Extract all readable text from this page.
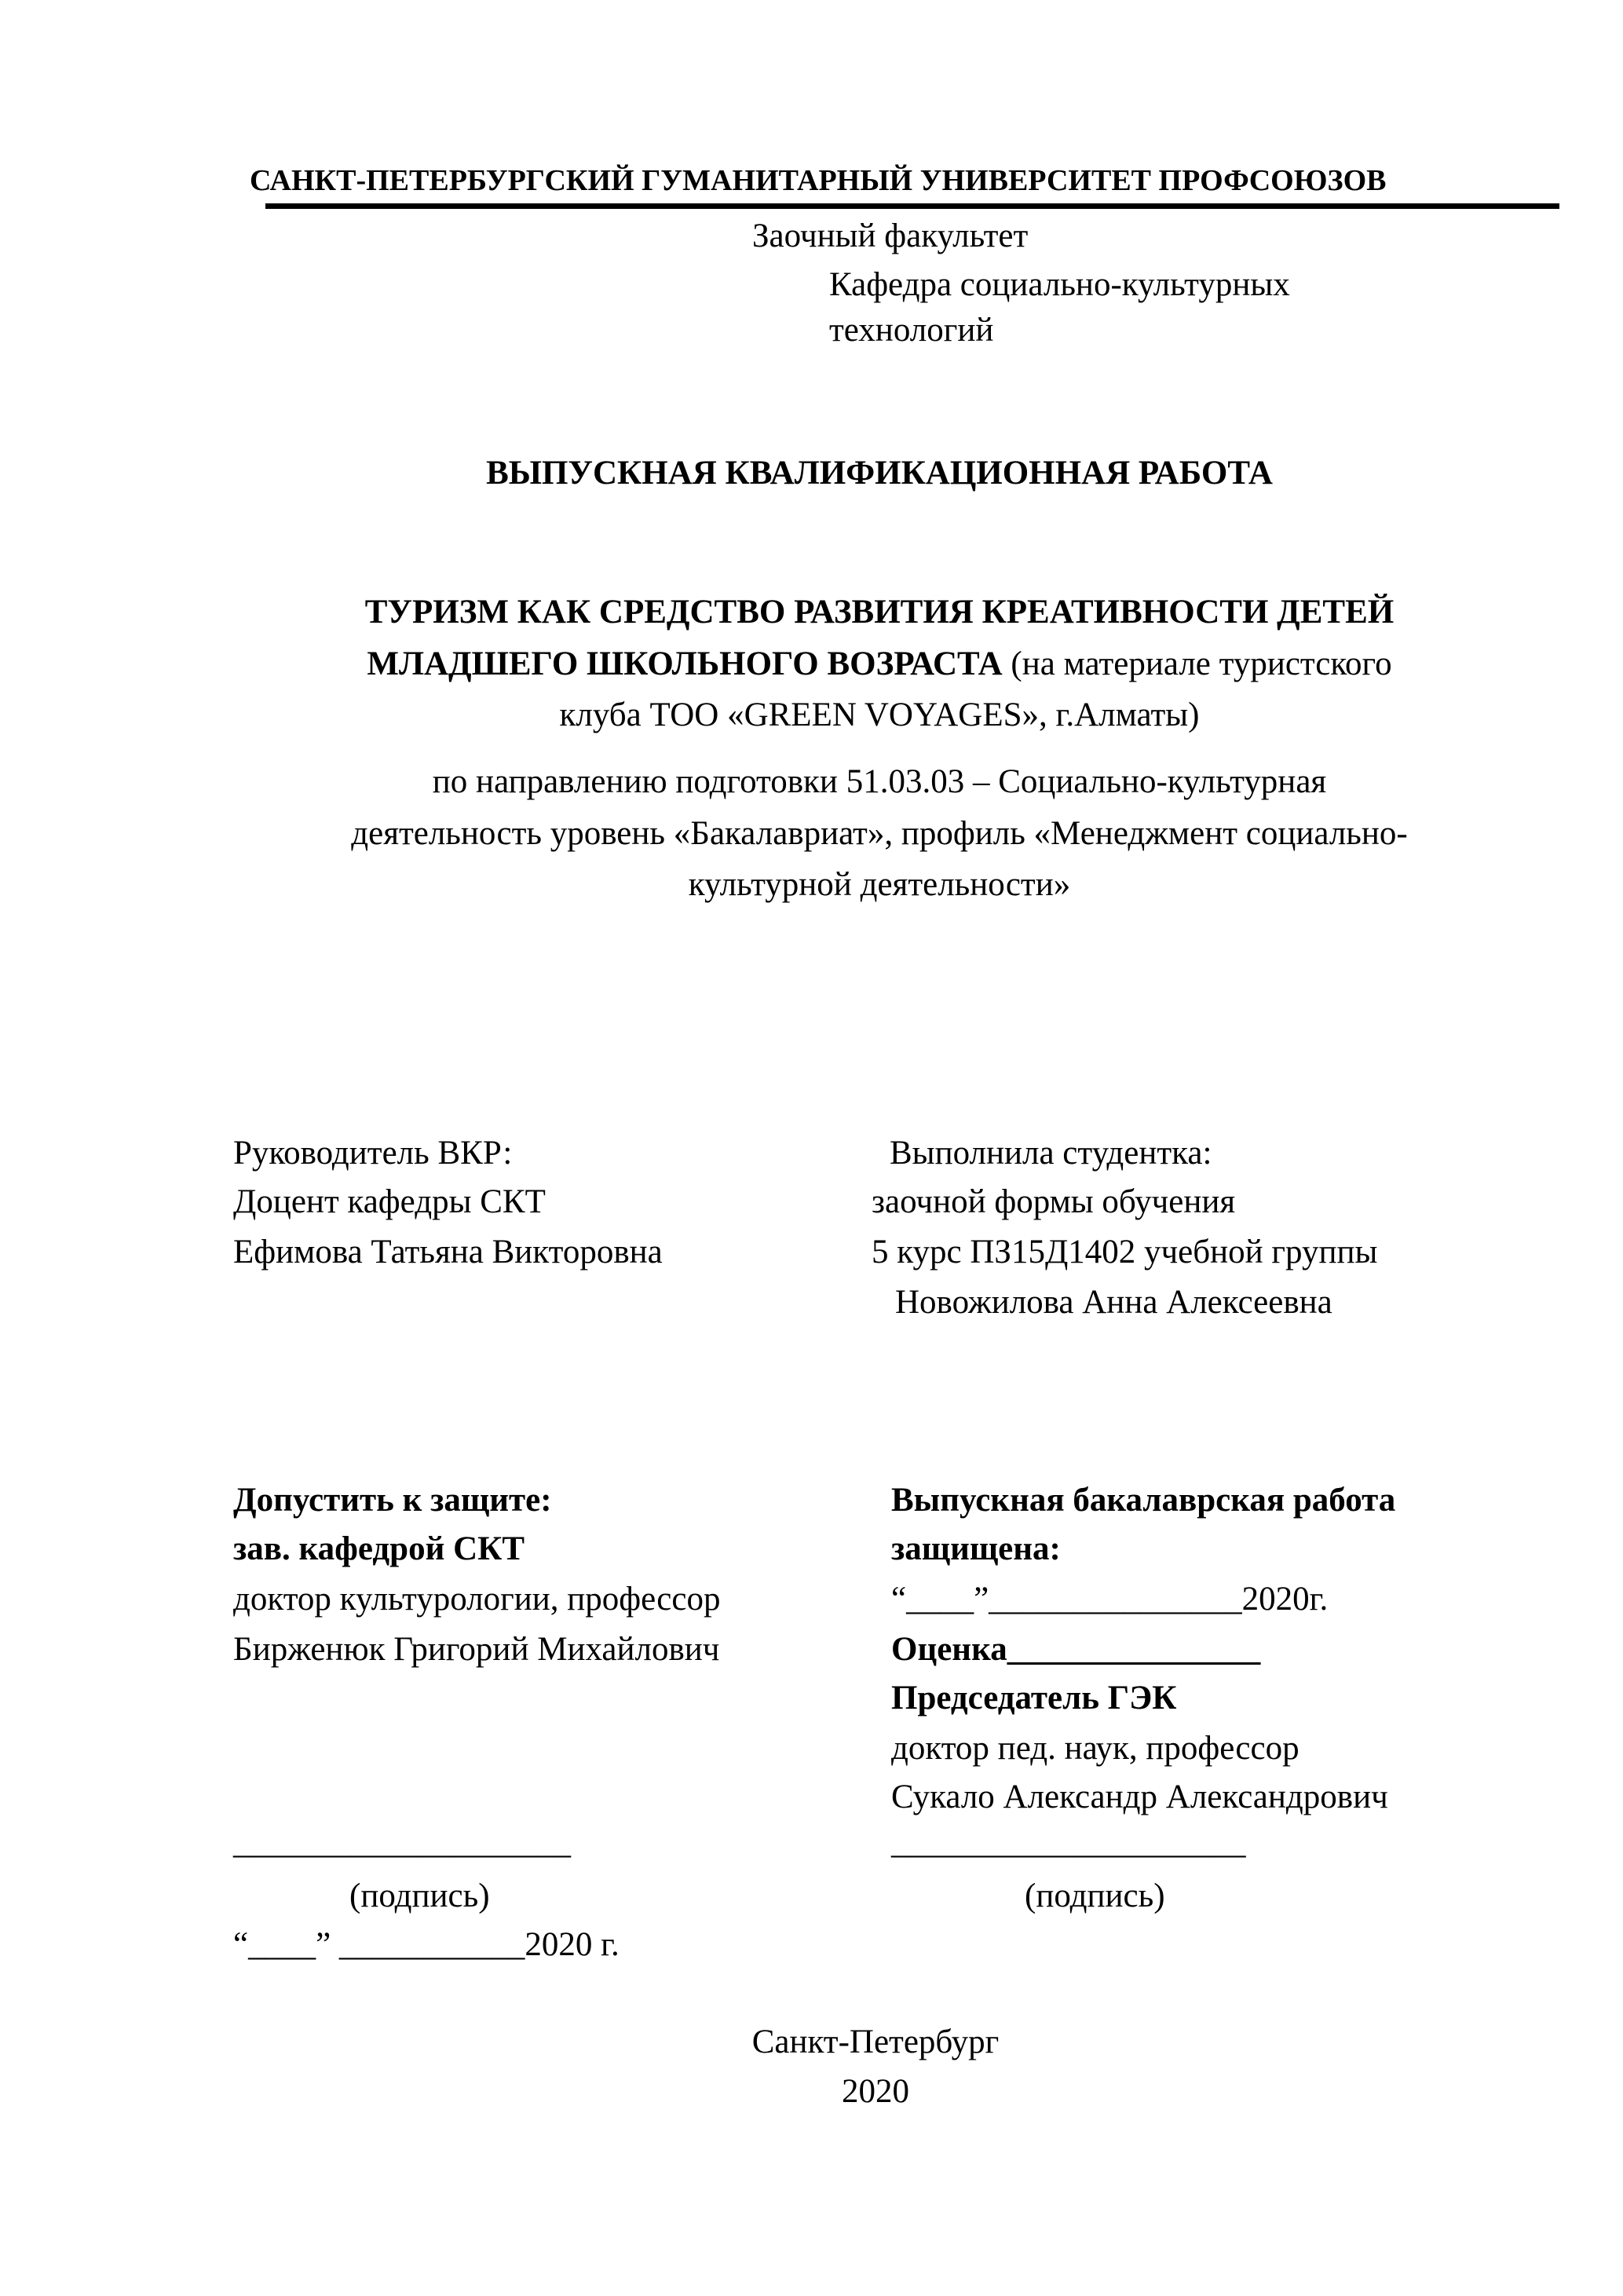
САНКТ-ПЕТЕРБУРГСКИЙ ГУМАНИТАРНЫЙ УНИВЕРСИТЕТ ПРОФСОЮЗОВ
Заочный факультет
Кафедра социально-культурных
технологий
ВЫПУСКНАЯ КВАЛИФИКАЦИОННАЯ РАБОТА
ТУРИЗМ КАК СРЕДСТВО РАЗВИТИЯ КРЕАТИВНОСТИ ДЕТЕЙ
МЛАДШЕГО ШКОЛЬНОГО ВОЗРАСТА (на материале туристского
клуба ТОО «GREEN VOYAGES», г.Алматы)
по направлению подготовки 51.03.03 – Социально-культурная
деятельность уровень «Бакалавриат», профиль «Менеджмент социально-
культурной деятельности»
Руководитель ВКР:
Доцент кафедры СКТ
Ефимова Татьяна Викторовна
Выполнила студентка:
заочной формы обучения
5 курс ПЗ15Д1402 учебной группы
Новожилова Анна Алексеевна
Допустить к защите:
зав. кафедрой СКТ
доктор культурологии, профессор
Бирженюк Григорий Михайлович
____________________
(подпись)
“____” ___________2020 г.
Выпускная бакалаврская работа
защищена:
“____”_______________2020г.
Оценка_______________
Председатель ГЭК
доктор пед. наук, профессор
Сукало Александр Александрович
_____________________
(подпись)
Санкт-Петербург
2020
